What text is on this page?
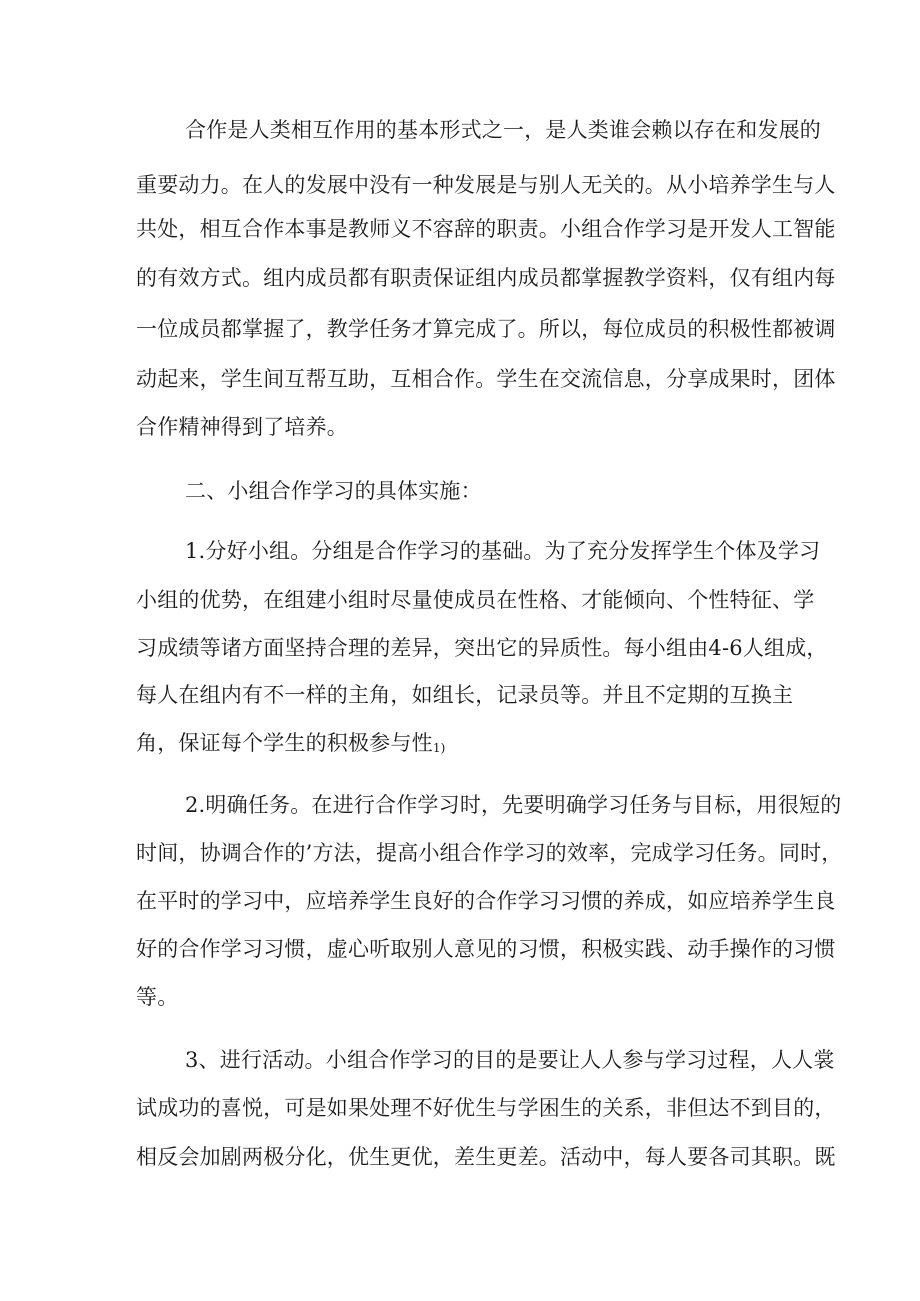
合作是人类相互作用的基本形式之一，是人类谁会赖以存在和发展的
重要动力。在人的发展中没有一种发展是与别人无关的。从小培养学生与人
共处，相互合作本事是教师义不容辞的职责。小组合作学习是开发人工智能
的有效方式。组内成员都有职责保证组内成员都掌握教学资料，仅有组内每
一位成员都掌握了，教学任务才算完成了。所以，每位成员的积极性都被调
动起来，学生间互帮互助，互相合作。学生在交流信息，分享成果时，团体
合作精神得到了培养。
二、小组合作学习的具体实施：
1.分好小组。分组是合作学习的基础。为了充分发挥学生个体及学习
小组的优势，在组建小组时尽量使成员在性格、才能倾向、个性特征、学
习成绩等诸方面坚持合理的差异，突出它的异质性。每小组由4-6人组成，
每人在组内有不一样的主角，如组长，记录员等。并且不定期的互换主
角，保证每个学生的积极参与性1)
2.明确任务。在进行合作学习时，先要明确学习任务与目标，用很短的
时间，协调合作的’方法，提高小组合作学习的效率，完成学习任务。同时，
在平时的学习中，应培养学生良好的合作学习习惯的养成，如应培养学生良
好的合作学习习惯，虚心听取别人意见的习惯，积极实践、动手操作的习惯
等。
3、进行活动。小组合作学习的目的是要让人人参与学习过程，人人裳
试成功的喜悦，可是如果处理不好优生与学困生的关系，非但达不到目的，
相反会加剧两极分化，优生更优，差生更差。活动中，每人要各司其职。既
